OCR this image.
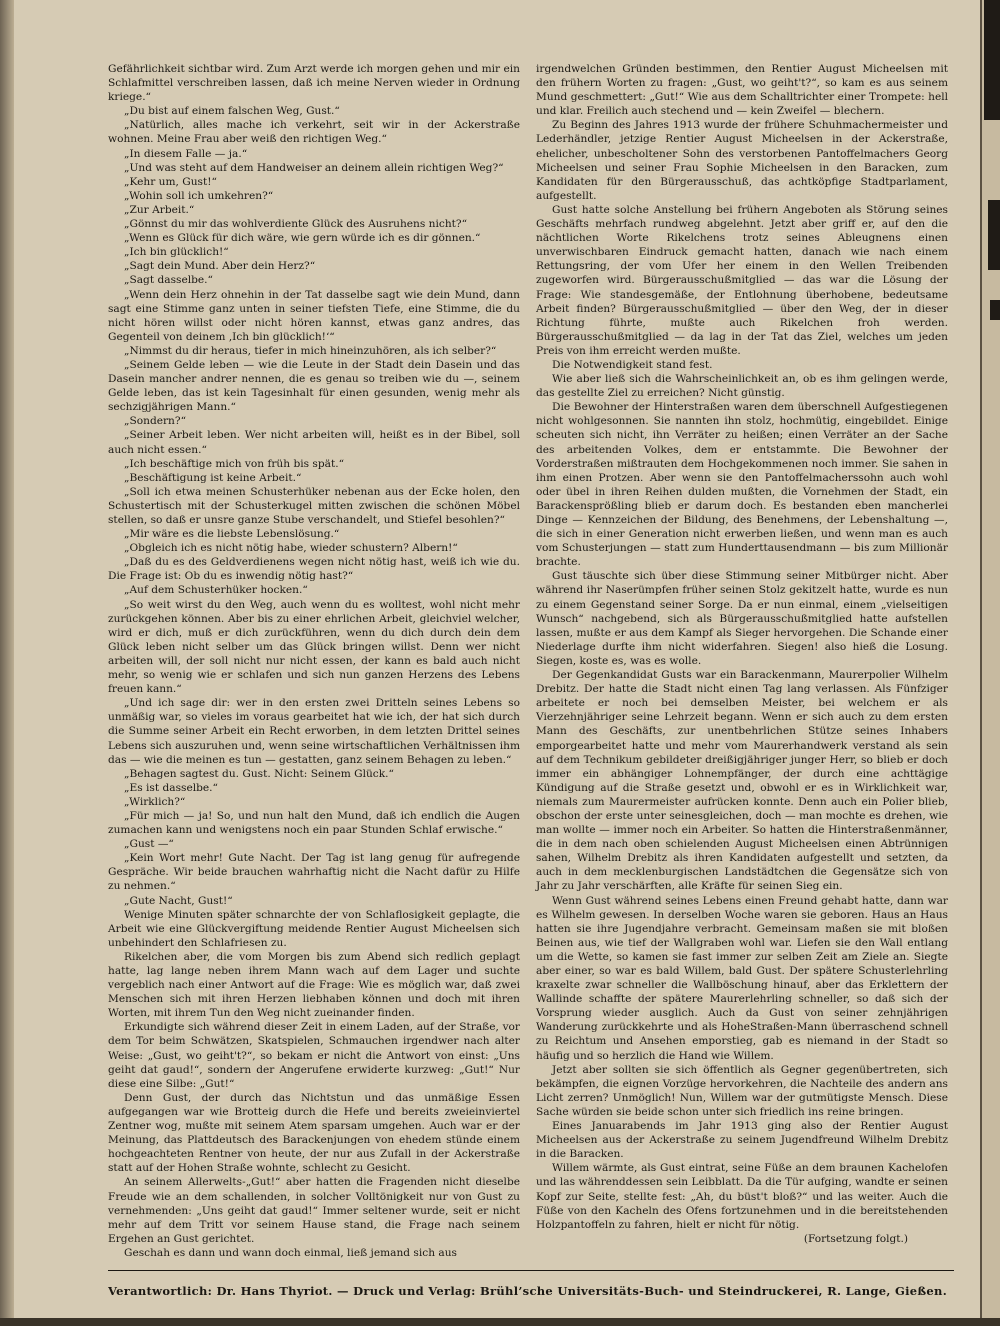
Gefährlichkeit sichtbar wird. Zum Arzt werde ich morgen gehen und mir ein Schlafmittel verschreiben lassen, daß ich meine Nerven wieder in Ordnung kriege.“

„Du bist auf einem falschen Weg, Gust.“

„Natürlich, alles mache ich verkehrt, seit wir in der Ackerstraße wohnen. Meine Frau aber weiß den richtigen Weg.“

„In diesem Falle — ja.“

„Und was steht auf dem Handweiser an deinem allein richtigen Weg?“

„Kehr um, Gust!“

„Wohin soll ich umkehren?“

„Zur Arbeit.“

„Gönnst du mir das wohlverdiente Glück des Ausruhens nicht?“

„Wenn es Glück für dich wäre, wie gern würde ich es dir gönnen.“

„Ich bin glücklich!“

„Sagt dein Mund. Aber dein Herz?“

„Sagt dasselbe.“

„Wenn dein Herz ohnehin in der Tat dasselbe sagt wie dein Mund, dann sagt eine Stimme ganz unten in seiner tiefsten Tiefe, eine Stimme, die du nicht hören willst oder nicht hören kannst, etwas ganz andres, das Gegenteil von deinem ‚Ich bin glücklich!‘“

„Nimmst du dir heraus, tiefer in mich hineinzuhören, als ich selber?“

„Seinem Gelde leben — wie die Leute in der Stadt dein Dasein und das Dasein mancher andrer nennen, die es genau so treiben wie du —, seinem Gelde leben, das ist kein Tagesinhalt für einen gesunden, wenig mehr als sechzigjährigen Mann.“

„Sondern?“

„Seiner Arbeit leben. Wer nicht arbeiten will, heißt es in der Bibel, soll auch nicht essen.“

„Ich beschäftige mich von früh bis spät.“

„Beschäftigung ist keine Arbeit.“

„Soll ich etwa meinen Schusterhüker nebenan aus der Ecke holen, den Schustertisch mit der Schusterkugel mitten zwischen die schönen Möbel stellen, so daß er unsre ganze Stube verschandelt, und Stiefel besohlen?“

„Mir wäre es die liebste Lebenslösung.“

„Obgleich ich es nicht nötig habe, wieder schustern? Albern!“

„Daß du es des Geldverdienens wegen nicht nötig hast, weiß ich wie du. Die Frage ist: Ob du es inwendig nötig hast?“

„Auf dem Schusterhüker hocken.“

„So weit wirst du den Weg, auch wenn du es wolltest, wohl nicht mehr zurückgehen können. Aber bis zu einer ehrlichen Arbeit, gleichviel welcher, wird er dich, muß er dich zurückführen, wenn du dich durch dein dem Glück leben nicht selber um das Glück bringen willst. Denn wer nicht arbeiten will, der soll nicht nur nicht essen, der kann es bald auch nicht mehr, so wenig wie er schlafen und sich nun ganzen Herzens des Lebens freuen kann.“

„Und ich sage dir: wer in den ersten zwei Dritteln seines Lebens so unmäßig war, so vieles im voraus gearbeitet hat wie ich, der hat sich durch die Summe seiner Arbeit ein Recht erworben, in dem letzten Drittel seines Lebens sich auszuruhen und, wenn seine wirtschaftlichen Verhältnissen ihm das — wie die meinen es tun — gestatten, ganz seinem Behagen zu leben.“

„Behagen sagtest du. Gust. Nicht: Seinem Glück.“

„Es ist dasselbe.“

„Wirklich?“

„Für mich — ja! So, und nun halt den Mund, daß ich endlich die Augen zumachen kann und wenigstens noch ein paar Stunden Schlaf erwische.“

„Gust —“

„Kein Wort mehr! Gute Nacht. Der Tag ist lang genug für aufregende Gespräche. Wir beide brauchen wahrhaftig nicht die Nacht dafür zu Hilfe zu nehmen.“

„Gute Nacht, Gust!“

Wenige Minuten später schnarchte der von Schlaflosigkeit geplagte, die Arbeit wie eine Glückvergiftung meidende Rentier August Micheelsen sich unbehindert den Schlafriesen zu.

Rikelchen aber, die vom Morgen bis zum Abend sich redlich geplagt hatte, lag lange neben ihrem Mann wach auf dem Lager und suchte vergeblich nach einer Antwort auf die Frage: Wie es möglich war, daß zwei Menschen sich mit ihren Herzen liebhaben können und doch mit ihren Worten, mit ihrem Tun den Weg nicht zueinander finden.

Erkundigte sich während dieser Zeit in einem Laden, auf der Straße, vor dem Tor beim Schwätzen, Skatspielen, Schmauchen irgendwer nach alter Weise: „Gust, wo geiht't?“, so bekam er nicht die Antwort von einst: „Uns geiht dat gaud!“, sondern der Angerufene erwiderte kurzweg: „Gut!“ Nur diese eine Silbe: „Gut!“

Denn Gust, der durch das Nichtstun und das unmäßige Essen aufgegangen war wie Brotteig durch die Hefe und bereits zweieinviertel Zentner wog, mußte mit seinem Atem sparsam umgehen. Auch war er der Meinung, das Plattdeutsch des Barackenjungen von ehedem stünde einem hochgeachteten Rentner von heute, der nur aus Zufall in der Ackerstraße statt auf der Hohen Straße wohnte, schlecht zu Gesicht.

An seinem Allerwelts-„Gut!“ aber hatten die Fragenden nicht dieselbe Freude wie an dem schallenden, in solcher Volltönigkeit nur von Gust zu vernehmenden: „Uns geiht dat gaud!“ Immer seltener wurde, seit er nicht mehr auf dem Tritt vor seinem Hause stand, die Frage nach seinem Ergehen an Gust gerichtet.

Geschah es dann und wann doch einmal, ließ jemand sich aus

irgendwelchen Gründen bestimmen, den Rentier August Micheelsen mit den frühern Worten zu fragen: „Gust, wo geiht't?“, so kam es aus seinem Mund geschmettert: „Gut!“ Wie aus dem Schalltrichter einer Trompete: hell und klar. Freilich auch stechend und — kein Zweifel — blechern.

Zu Beginn des Jahres 1913 wurde der frühere Schuhmachermeister und Lederhändler, jetzige Rentier August Micheelsen in der Ackerstraße, ehelicher, unbescholtener Sohn des verstorbenen Pantoffelmachers Georg Micheelsen und seiner Frau Sophie Micheelsen in den Baracken, zum Kandidaten für den Bürgerausschuß, das achtköpfige Stadtparlament, aufgestellt.

Gust hatte solche Anstellung bei frühern Angeboten als Störung seines Geschäfts mehrfach rundweg abgelehnt. Jetzt aber griff er, auf den die nächtlichen Worte Rikelchens trotz seines Ableugnens einen unverwischbaren Eindruck gemacht hatten, danach wie nach einem Rettungsring, der vom Ufer her einem in den Wellen Treibenden zugeworfen wird. Bürgerausschußmitglied — das war die Lösung der Frage: Wie standesgemäße, der Entlohnung überhobene, bedeutsame Arbeit finden? Bürgerausschußmitglied — über den Weg, der in dieser Richtung führte, mußte auch Rikelchen froh werden. Bürgerausschußmitglied — da lag in der Tat das Ziel, welches um jeden Preis von ihm erreicht werden mußte.

Die Notwendigkeit stand fest.

Wie aber ließ sich die Wahrscheinlichkeit an, ob es ihm gelingen werde, das gestellte Ziel zu erreichen? Nicht günstig.

Die Bewohner der Hinterstraßen waren dem überschnell Aufgestiegenen nicht wohlgesonnen. Sie nannten ihn stolz, hochmütig, eingebildet. Einige scheuten sich nicht, ihn Verräter zu heißen; einen Verräter an der Sache des arbeitenden Volkes, dem er entstammte. Die Bewohner der Vorderstraßen mißtrauten dem Hochgekommenen noch immer. Sie sahen in ihm einen Protzen. Aber wenn sie den Pantoffelmacherssohn auch wohl oder übel in ihren Reihen dulden mußten, die Vornehmen der Stadt, ein Barackensprößling blieb er darum doch. Es bestanden eben mancherlei Dinge — Kennzeichen der Bildung, des Benehmens, der Lebenshaltung —, die sich in einer Generation nicht erwerben ließen, und wenn man es auch vom Schusterjungen — statt zum Hunderttausendmann — bis zum Millionär brachte.

Gust täuschte sich über diese Stimmung seiner Mitbürger nicht. Aber während ihr Naserümpfen früher seinen Stolz gekitzelt hatte, wurde es nun zu einem Gegenstand seiner Sorge. Da er nun einmal, einem „vielseitigen Wunsch“ nachgebend, sich als Bürgerausschußmitglied hatte aufstellen lassen, mußte er aus dem Kampf als Sieger hervorgehen. Die Schande einer Niederlage durfte ihm nicht widerfahren. Siegen! also hieß die Losung. Siegen, koste es, was es wolle.

Der Gegenkandidat Gusts war ein Barackenmann, Maurerpolier Wilhelm Drebitz. Der hatte die Stadt nicht einen Tag lang verlassen. Als Fünfziger arbeitete er noch bei demselben Meister, bei welchem er als Vierzehnjähriger seine Lehrzeit begann. Wenn er sich auch zu dem ersten Mann des Geschäfts, zur unentbehrlichen Stütze seines Inhabers emporgearbeitet hatte und mehr vom Maurerhandwerk verstand als sein auf dem Technikum gebildeter dreißigjähriger junger Herr, so blieb er doch immer ein abhängiger Lohnempfänger, der durch eine achttägige Kündigung auf die Straße gesetzt und, obwohl er es in Wirklichkeit war, niemals zum Maurermeister aufrücken konnte. Denn auch ein Polier blieb, obschon der erste unter seinesgleichen, doch — man mochte es drehen, wie man wollte — immer noch ein Arbeiter. So hatten die Hinterstraßenmänner, die in dem nach oben schielenden August Micheelsen einen Abtrünnigen sahen, Wilhelm Drebitz als ihren Kandidaten aufgestellt und setzten, da auch in dem mecklenburgischen Landstädtchen die Gegensätze sich von Jahr zu Jahr verschärften, alle Kräfte für seinen Sieg ein.

Wenn Gust während seines Lebens einen Freund gehabt hatte, dann war es Wilhelm gewesen. In derselben Woche waren sie geboren. Haus an Haus hatten sie ihre Jugendjahre verbracht. Gemeinsam maßen sie mit bloßen Beinen aus, wie tief der Wallgraben wohl war. Liefen sie den Wall entlang um die Wette, so kamen sie fast immer zur selben Zeit am Ziele an. Siegte aber einer, so war es bald Willem, bald Gust. Der spätere Schusterlehrling kraxelte zwar schneller die Wallböschung hinauf, aber das Erklettern der Wallinde schaffte der spätere Maurerlehrling schneller, so daß sich der Vorsprung wieder ausglich. Auch da Gust von seiner zehnjährigen Wanderung zurückkehrte und als HoheStraßen-Mann überraschend schnell zu Reichtum und Ansehen emporstieg, gab es niemand in der Stadt so häufig und so herzlich die Hand wie Willem.

Jetzt aber sollten sie sich öffentlich als Gegner gegenübertreten, sich bekämpfen, die eignen Vorzüge hervorkehren, die Nachteile des andern ans Licht zerren? Unmöglich! Nun, Willem war der gutmütigste Mensch. Diese Sache würden sie beide schon unter sich friedlich ins reine bringen.

Eines Januarabends im Jahr 1913 ging also der Rentier August Micheelsen aus der Ackerstraße zu seinem Jugendfreund Wilhelm Drebitz in die Baracken.

Willem wärmte, als Gust eintrat, seine Füße an dem braunen Kachelofen und las währenddessen sein Leibblatt. Da die Tür aufging, wandte er seinen Kopf zur Seite, stellte fest: „Ah, du büst't bloß?“ und las weiter. Auch die Füße von den Kacheln des Ofens fortzunehmen und in die bereitstehenden Holzpantoffeln zu fahren, hielt er nicht für nötig.

(Fortsetzung folgt.)

Verantwortlich: Dr. Hans Thyriot. — Druck und Verlag: Brühl’sche Universitäts-Buch- und Steindruckerei, R. Lange, Gießen.
